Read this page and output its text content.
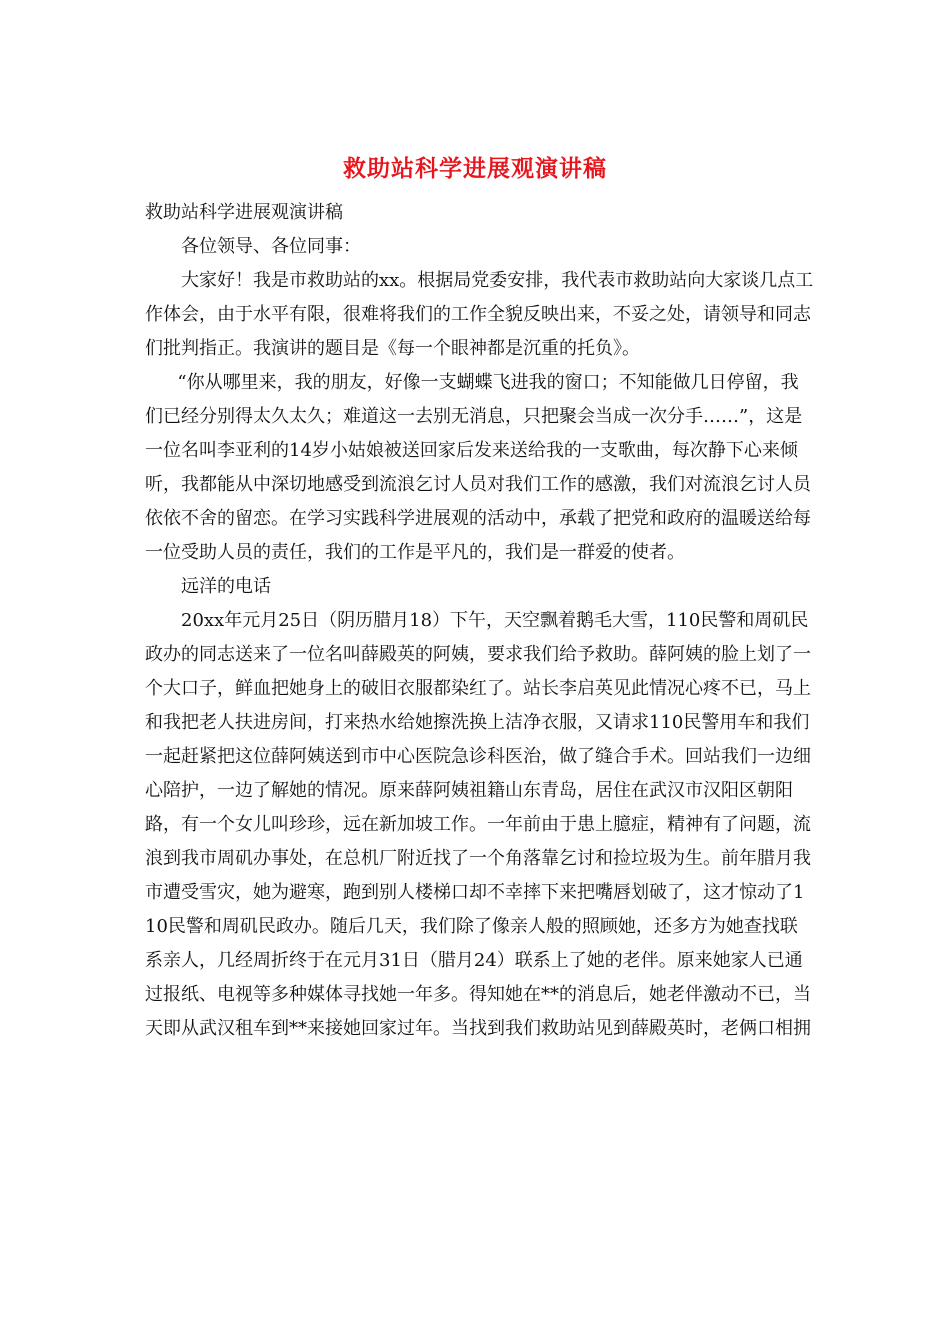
救助站科学进展观演讲稿

救助站科学进展观演讲稿

各位领导、各位同事：

大家好！我是市救助站的xx。根据局党委安排，我代表市救助站向大家谈几点工作体会，由于水平有限，很难将我们的工作全貌反映出来，不妥之处，请领导和同志们批判指正。我演讲的题目是《每一个眼神都是沉重的托负》。

“你从哪里来，我的朋友，好像一支蝴蝶飞进我的窗口；不知能做几日停留，我们已经分别得太久太久；难道这一去别无消息，只把聚会当成一次分手……”，这是一位名叫李亚利的14岁小姑娘被送回家后发来送给我的一支歌曲，每次静下心来倾听，我都能从中深切地感受到流浪乞讨人员对我们工作的感激，我们对流浪乞讨人员依依不舍的留恋。在学习实践科学进展观的活动中，承载了把党和政府的温暖送给每一位受助人员的责任，我们的工作是平凡的，我们是一群爱的使者。

远洋的电话

20xx年元月25日（阴历腊月18）下午，天空飘着鹅毛大雪，110民警和周矶民政办的同志送来了一位名叫薛殿英的阿姨，要求我们给予救助。薛阿姨的脸上划了一个大口子，鲜血把她身上的破旧衣服都染红了。站长李启英见此情况心疼不已，马上和我把老人扶进房间，打来热水给她擦洗换上洁净衣服，又请求110民警用车和我们一起赶紧把这位薛阿姨送到市中心医院急诊科医治，做了缝合手术。回站我们一边细心陪护，一边了解她的情况。原来薛阿姨祖籍山东青岛，居住在武汉市汉阳区朝阳路，有一个女儿叫珍珍，远在新加坡工作。一年前由于患上臆症，精神有了问题，流浪到我市周矶办事处，在总机厂附近找了一个角落靠乞讨和捡垃圾为生。前年腊月我市遭受雪灾，她为避寒，跑到别人楼梯口却不幸摔下来把嘴唇划破了，这才惊动了110民警和周矶民政办。随后几天，我们除了像亲人般的照顾她，还多方为她查找联系亲人，几经周折终于在元月31日（腊月24）联系上了她的老伴。原来她家人已通过报纸、电视等多种媒体寻找她一年多。得知她在**的消息后，她老伴激动不已，当天即从武汉租车到**来接她回家过年。当找到我们救助站见到薛殿英时，老俩口相拥
